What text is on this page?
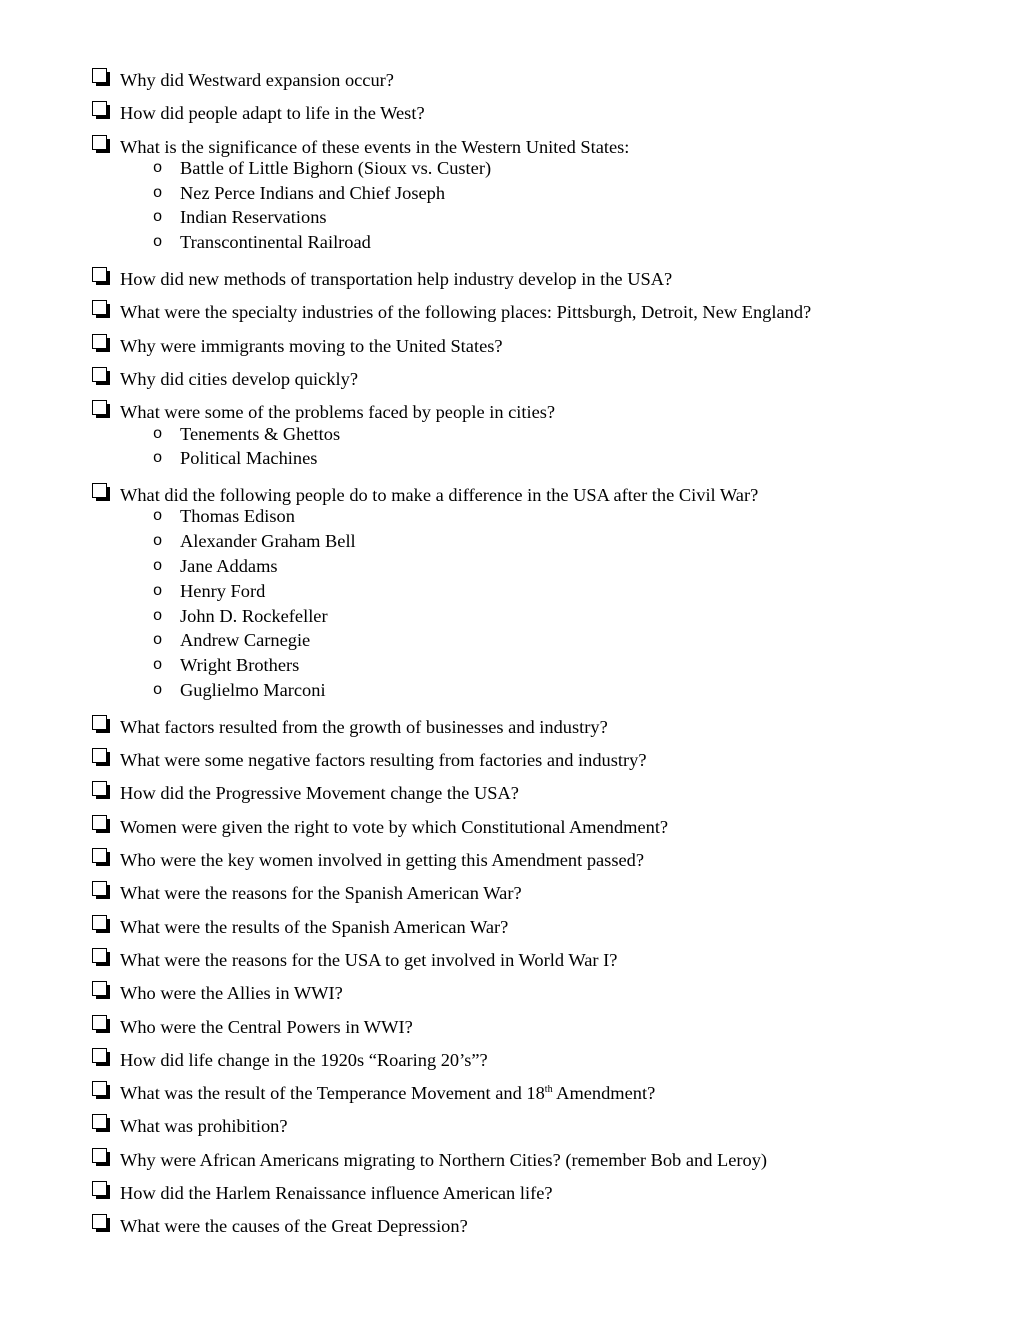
Why did Westward expansion occur?
How did people adapt to life in the West?
What is the significance of these events in the Western United States:
o Battle of Little Bighorn (Sioux vs. Custer)
o Nez Perce Indians and Chief Joseph
o Indian Reservations
o Transcontinental Railroad
How did new methods of transportation help industry develop in the USA?
What were the specialty industries of the following places: Pittsburgh, Detroit, New England?
Why were immigrants moving to the United States?
Why did cities develop quickly?
What were some of the problems faced by people in cities?
o Tenements & Ghettos
o Political Machines
What did the following people do to make a difference in the USA after the Civil War?
o Thomas Edison
o Alexander Graham Bell
o Jane Addams
o Henry Ford
o John D. Rockefeller
o Andrew Carnegie
o Wright Brothers
o Guglielmo Marconi
What factors resulted from the growth of businesses and industry?
What were some negative factors resulting from factories and industry?
How did the Progressive Movement change the USA?
Women were given the right to vote by which Constitutional Amendment?
Who were the key women involved in getting this Amendment passed?
What were the reasons for the Spanish American War?
What were the results of the Spanish American War?
What were the reasons for the USA to get involved in World War I?
Who were the Allies in WWI?
Who were the Central Powers in WWI?
How did life change in the 1920s “Roaring 20’s”?
What was the result of the Temperance Movement and 18th Amendment?
What was prohibition?
Why were African Americans migrating to Northern Cities? (remember Bob and Leroy)
How did the Harlem Renaissance influence American life?
What were the causes of the Great Depression?
